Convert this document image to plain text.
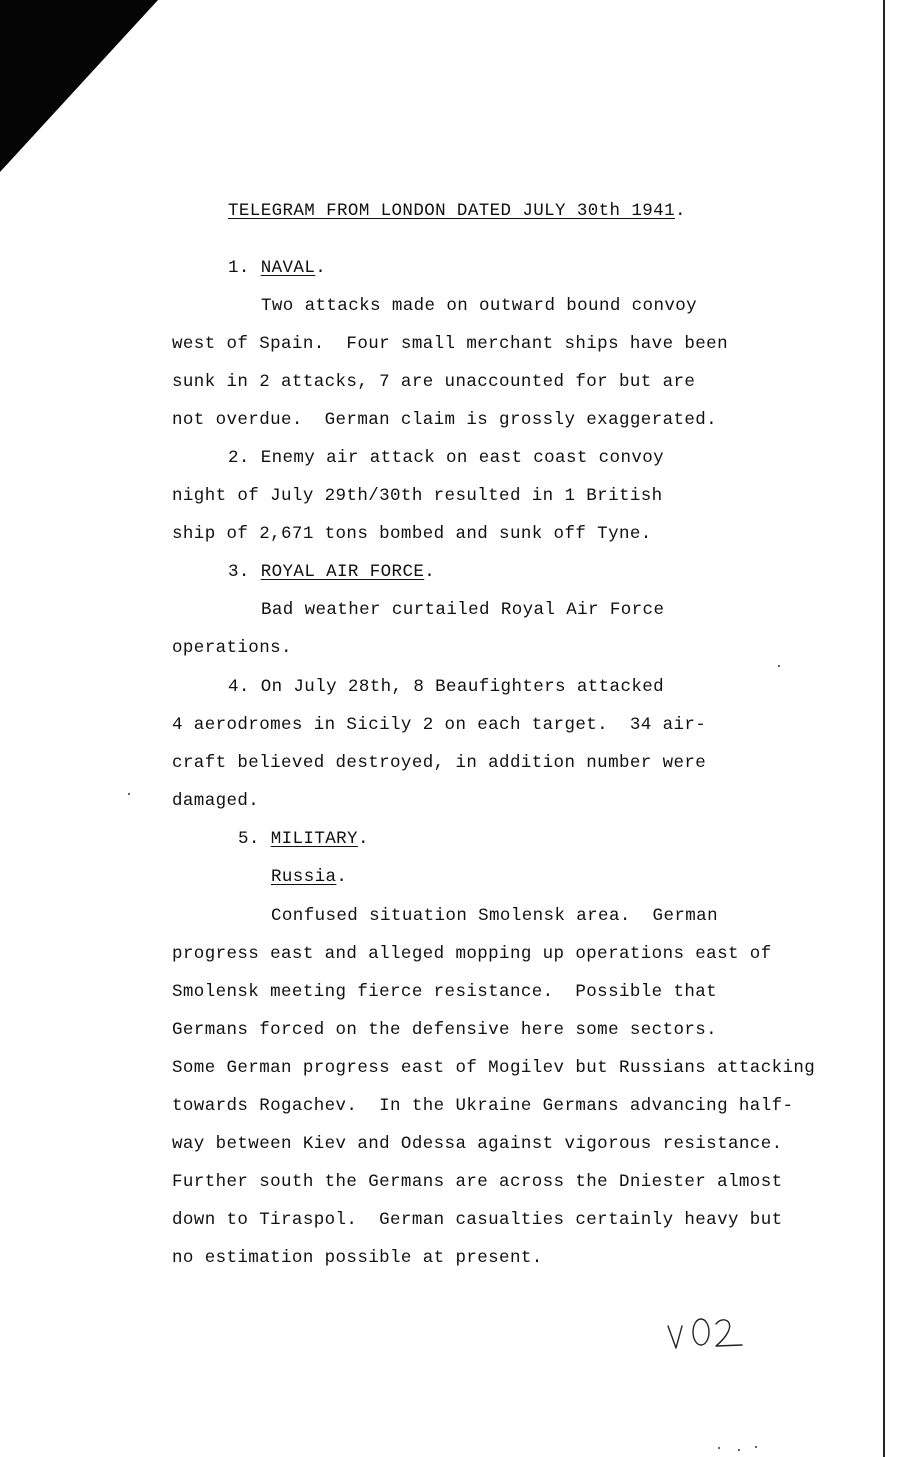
TELEGRAM FROM LONDON DATED JULY 30th 1941.
1. NAVAL.
Two attacks made on outward bound convoy
west of Spain.  Four small merchant ships have been
sunk in 2 attacks, 7 are unaccounted for but are
not overdue.  German claim is grossly exaggerated.
2. Enemy air attack on east coast convoy
night of July 29th/30th resulted in 1 British
ship of 2,671 tons bombed and sunk off Tyne.
3. ROYAL AIR FORCE.
Bad weather curtailed Royal Air Force
operations.
4. On July 28th, 8 Beaufighters attacked
4 aerodromes in Sicily 2 on each target.  34 air-
craft believed destroyed, in addition number were
damaged.
5. MILITARY.
Russia.
Confused situation Smolensk area.  German
progress east and alleged mopping up operations east of
Smolensk meeting fierce resistance.  Possible that
Germans forced on the defensive here some sectors.
Some German progress east of Mogilev but Russians attacking
towards Rogachev.  In the Ukraine Germans advancing half-
way between Kiev and Odessa against vigorous resistance.
Further south the Germans are across the Dniester almost
down to Tiraspol.  German casualties certainly heavy but
no estimation possible at present.
